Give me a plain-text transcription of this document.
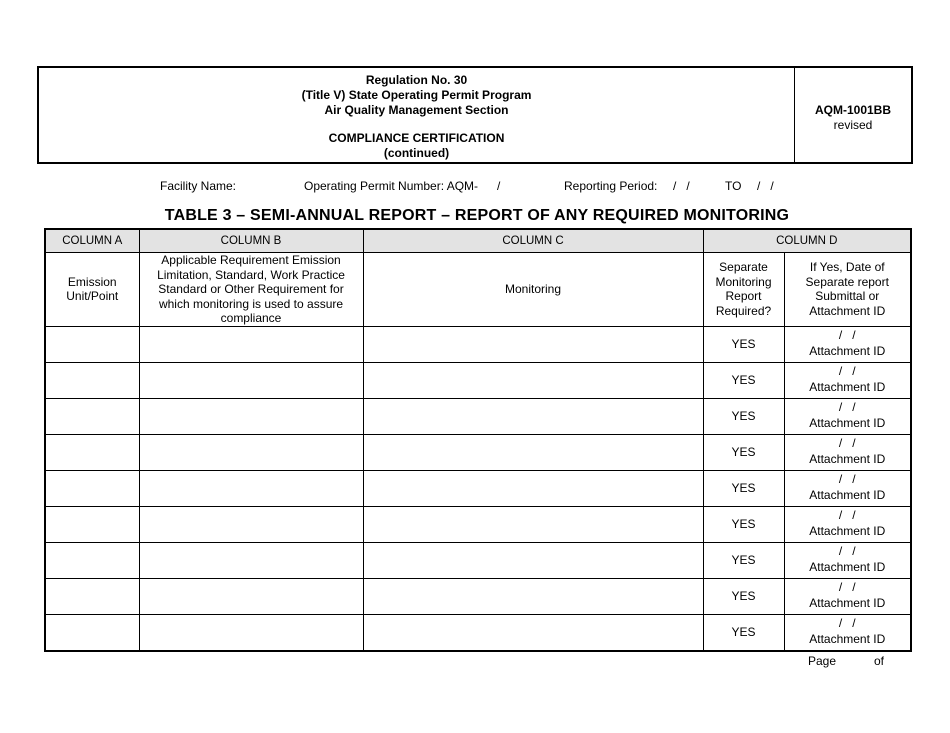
Regulation No. 30
(Title V) State Operating Permit Program
Air Quality Management Section
COMPLIANCE CERTIFICATION
(continued)
AQM-1001BB
revised
Facility Name:	Operating Permit Number: AQM- /	Reporting Period: /   /	TO /   /
TABLE 3 – SEMI-ANNUAL REPORT – REPORT OF ANY REQUIRED MONITORING
COLUMN A	COLUMN B	COLUMN C	COLUMN D	
Emission Unit/Point	Applicable Requirement Emission Limitation, Standard, Work Practice Standard or Other Requirement for which monitoring is used to assure compliance	Monitoring	Separate Monitoring Report Required?	If Yes, Date of Separate report Submittal or Attachment ID
			YES	/   /
Attachment ID

			YES	/   /
Attachment ID

			YES	/   /
Attachment ID

			YES	/   /
Attachment ID

			YES	/   /
Attachment ID

			YES	/   /
Attachment ID

			YES	/   /
Attachment ID

			YES	/   /
Attachment ID

			YES	/   /
Attachment ID
Page	of
